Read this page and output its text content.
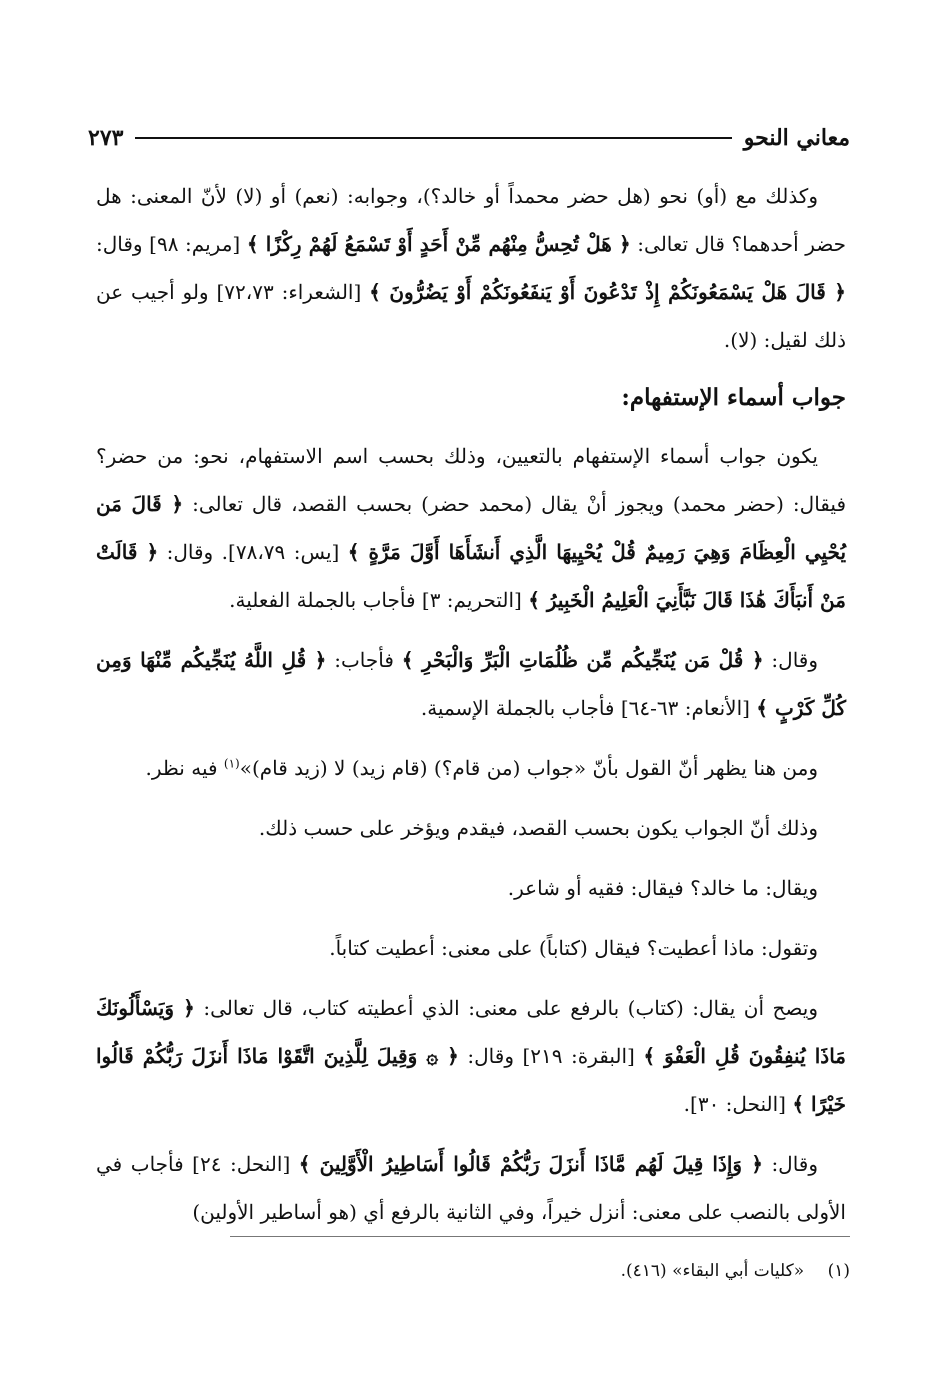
معاني النحو
٢٧٣

وكذلك مع (أو) نحو (هل حضر محمداً أو خالد؟)، وجوابه: (نعم) أو (لا) لأنّ المعنى: هل حضر أحدهما؟ قال تعالى: ﴿ هَلْ تُحِسُّ مِنْهُم مِّنْ أَحَدٍ أَوْ تَسْمَعُ لَهُمْ رِكْزًا ﴾ [مريم: ٩٨] وقال: ﴿ قَالَ هَلْ يَسْمَعُونَكُمْ إِذْ تَدْعُونَ أَوْ يَنفَعُونَكُمْ أَوْ يَضُرُّونَ ﴾ [الشعراء: ٧٢،٧٣] ولو أجيب عن ذلك لقيل: (لا).

جواب أسماء الإستفهام:

يكون جواب أسماء الإستفهام بالتعيين، وذلك بحسب اسم الاستفهام، نحو: من حضر؟ فيقال: (حضر محمد) ويجوز أنْ يقال (محمد حضر) بحسب القصد، قال تعالى: ﴿ قَالَ مَن يُحْيِي الْعِظَامَ وَهِيَ رَمِيمٌ قُلْ يُحْيِيهَا الَّذِي أَنشَأَهَا أَوَّلَ مَرَّةٍ ﴾ [يس: ٧٨،٧٩]. وقال: ﴿ قَالَتْ مَنْ أَنبَأَكَ هَٰذَا قَالَ نَبَّأَنِيَ الْعَلِيمُ الْخَبِيرُ ﴾ [التحريم: ٣] فأجاب بالجملة الفعلية.

وقال: ﴿ قُلْ مَن يُنَجِّيكُم مِّن ظُلُمَاتِ الْبَرِّ وَالْبَحْرِ ﴾ فأجاب: ﴿ قُلِ اللَّهُ يُنَجِّيكُم مِّنْهَا وَمِن كُلِّ كَرْبٍ ﴾ [الأنعام: ٦٣-٦٤] فأجاب بالجملة الإسمية.

ومن هنا يظهر أنّ القول بأنّ «جواب (من قام؟) (قام زيد) لا (زيد قام)»$^{(١)}$ فيه نظر.

وذلك أنّ الجواب يكون بحسب القصد، فيقدم ويؤخر على حسب ذلك.

ويقال: ما خالد؟ فيقال: فقيه أو شاعر.

وتقول: ماذا أعطيت؟ فيقال (كتاباً) على معنى: أعطيت كتاباً.

ويصح أن يقال: (كتاب) بالرفع على معنى: الذي أعطيته كتاب، قال تعالى: ﴿ وَيَسْأَلُونَكَ مَاذَا يُنفِقُونَ قُلِ الْعَفْوَ ﴾ [البقرة: ٢١٩] وقال: ﴿ ۞ وَقِيلَ لِلَّذِينَ اتَّقَوْا مَاذَا أَنزَلَ رَبُّكُمْ قَالُوا خَيْرًا ﴾ [النحل: ٣٠].

وقال: ﴿ وَإِذَا قِيلَ لَهُم مَّاذَا أَنزَلَ رَبُّكُمْ قَالُوا أَسَاطِيرُ الْأَوَّلِينَ ﴾ [النحل: ٢٤] فأجاب في الأولى بالنصب على معنى: أنزل خيراً، وفي الثانية بالرفع أي (هو أساطير الأولين)

(١) «كليات أبي البقاء» (٤١٦).
